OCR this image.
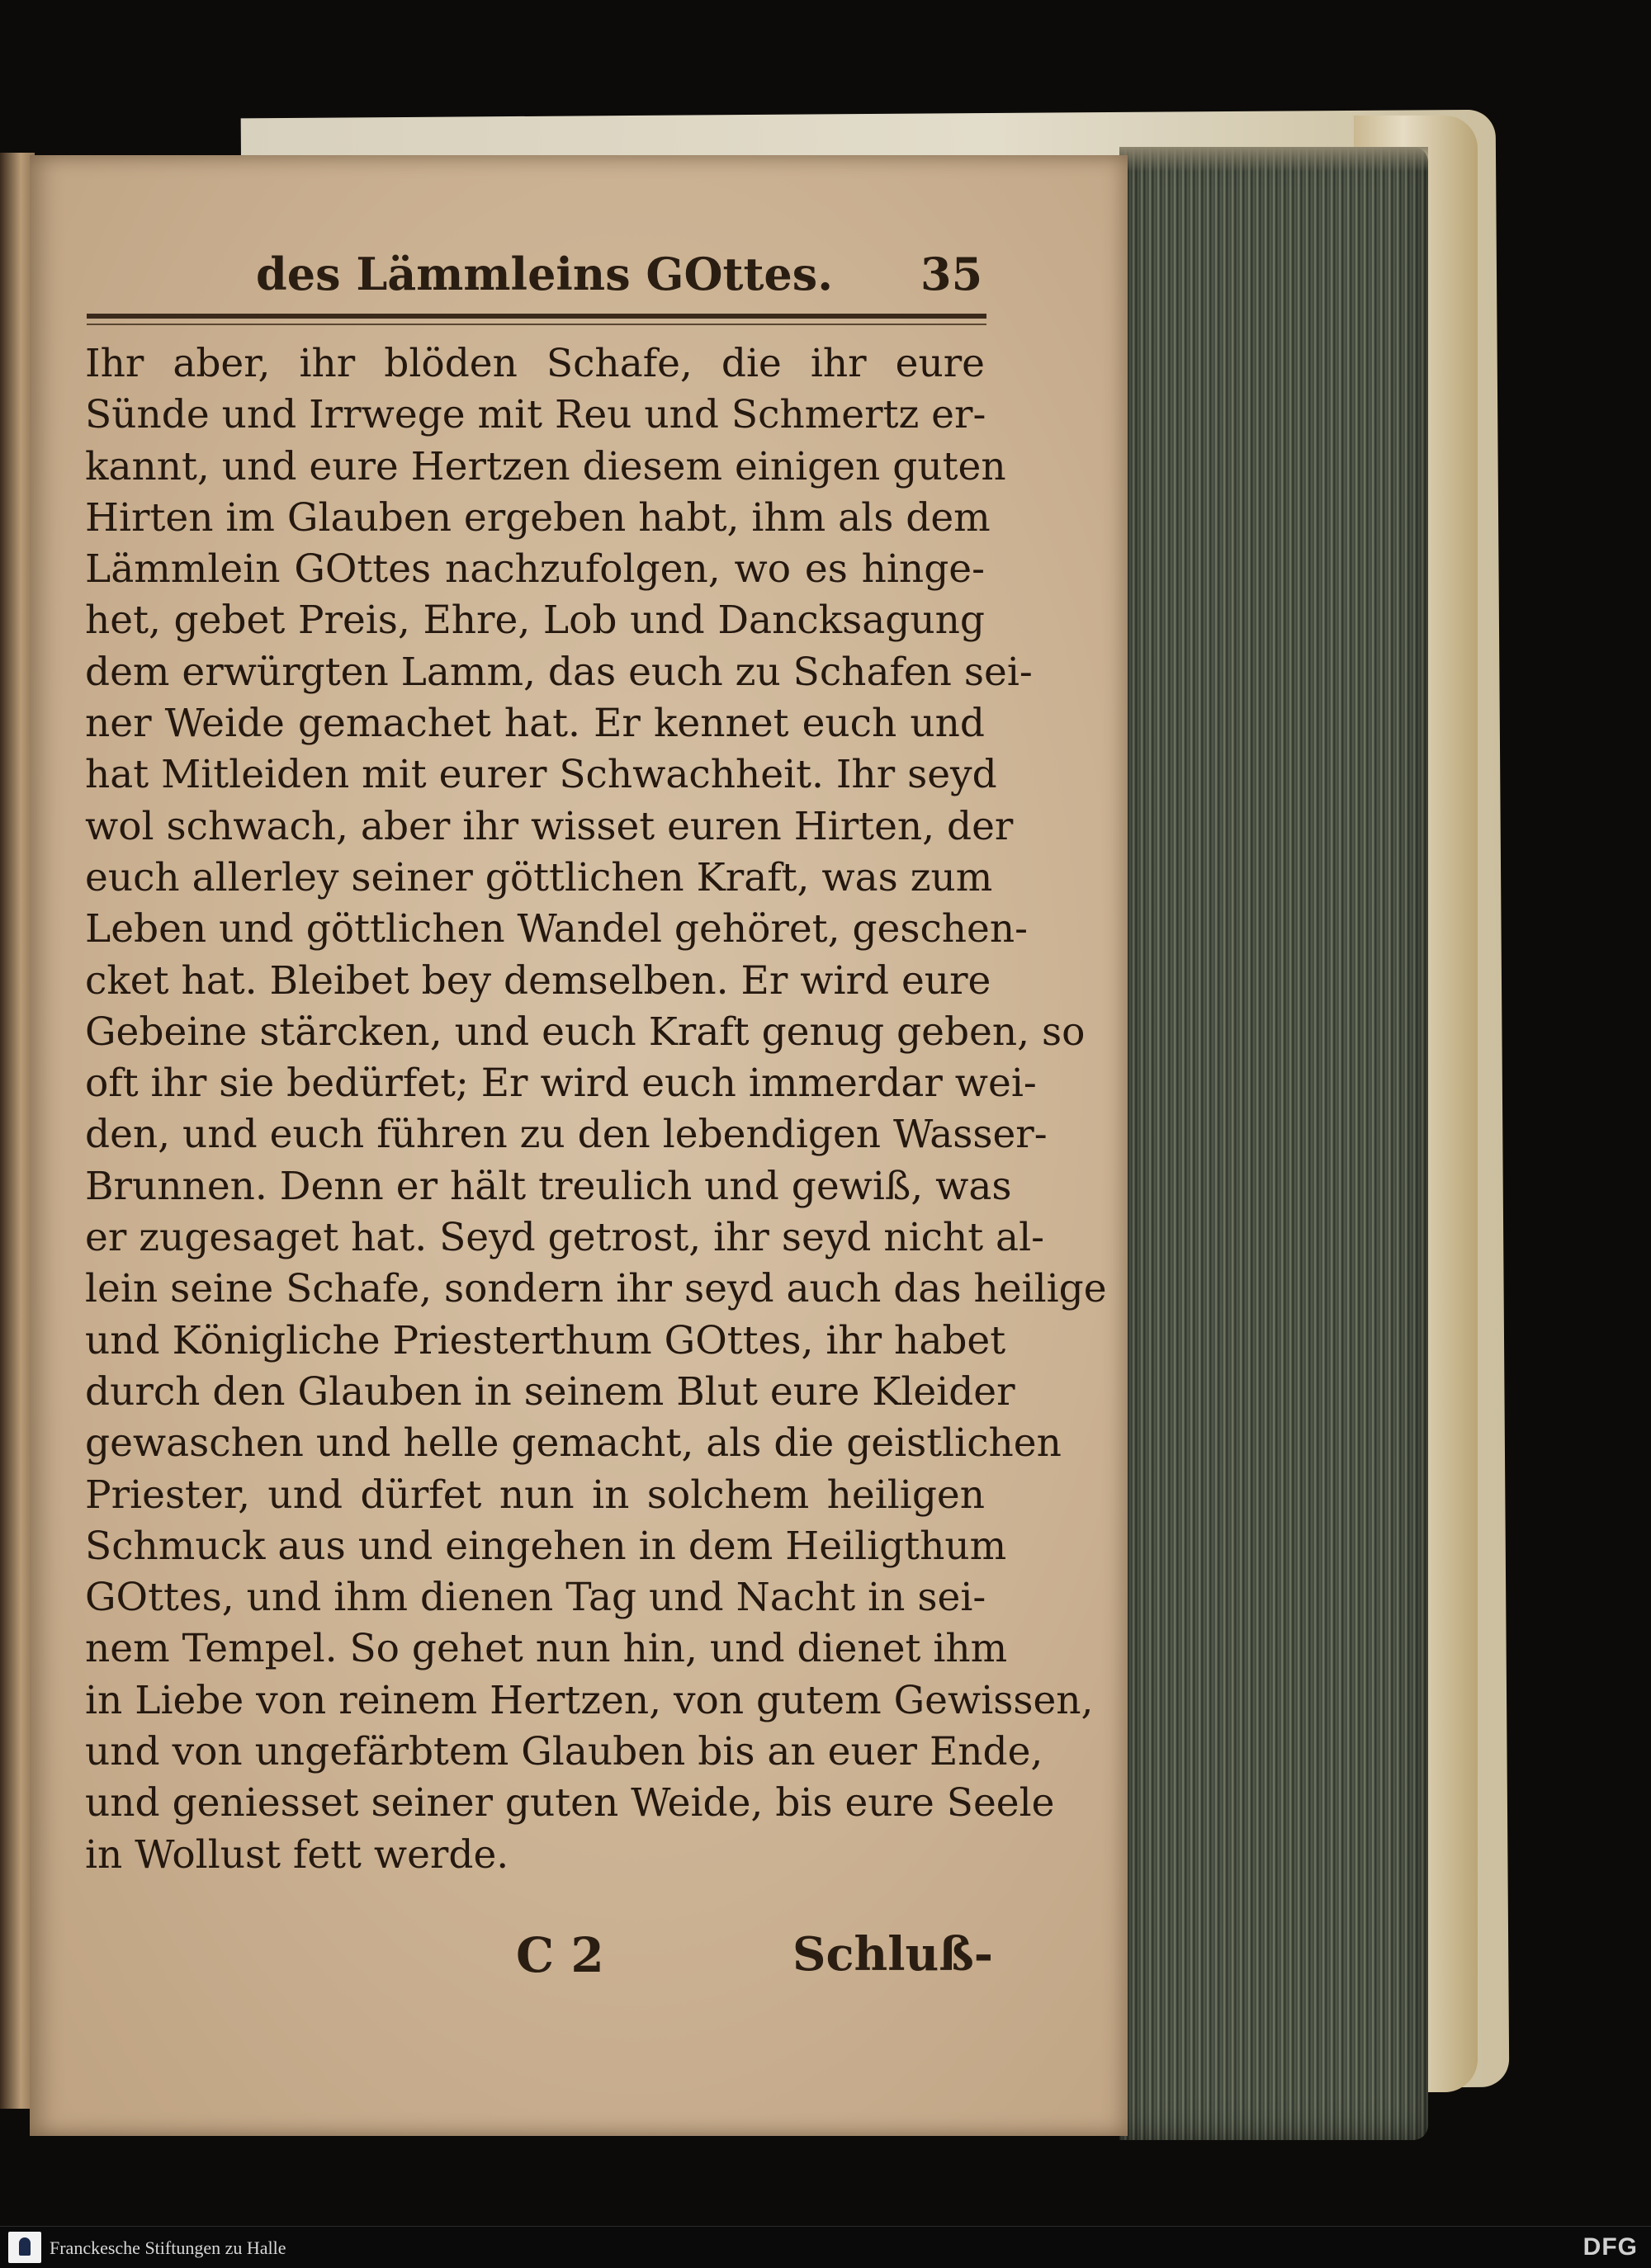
des Lämmleins GOttes. 35
Ihr aber, ihr blöden Schafe, die ihr eure
Sünde und Irrwege mit Reu und Schmertz er-
kannt, und eure Hertzen diesem einigen guten
Hirten im Glauben ergeben habt, ihm als dem
Lämmlein GOttes nachzufolgen, wo es hinge-
het, gebet Preis, Ehre, Lob und Dancksagung
dem erwürgten Lamm, das euch zu Schafen sei-
ner Weide gemachet hat. Er kennet euch und
hat Mitleiden mit eurer Schwachheit. Ihr seyd
wol schwach, aber ihr wisset euren Hirten, der
euch allerley seiner göttlichen Kraft, was zum
Leben und göttlichen Wandel gehöret, geschen-
cket hat. Bleibet bey demselben. Er wird eure
Gebeine stärcken, und euch Kraft genug geben, so
oft ihr sie bedürfet; Er wird euch immerdar wei-
den, und euch führen zu den lebendigen Wasser-
Brunnen. Denn er hält treulich und gewiß, was
er zugesaget hat. Seyd getrost, ihr seyd nicht al-
lein seine Schafe, sondern ihr seyd auch das heilige
und Königliche Priesterthum GOttes, ihr habet
durch den Glauben in seinem Blut eure Kleider
gewaschen und helle gemacht, als die geistlichen
Priester, und dürfet nun in solchem heiligen
Schmuck aus und eingehen in dem Heiligthum
GOttes, und ihm dienen Tag und Nacht in sei-
nem Tempel. So gehet nun hin, und dienet ihm
in Liebe von reinem Hertzen, von gutem Gewissen,
und von ungefärbtem Glauben bis an euer Ende,
und geniesset seiner guten Weide, bis eure Seele
in Wollust fett werde.
C 2	Schluß-
Franckesche Stiftungen zu Halle	DFG
